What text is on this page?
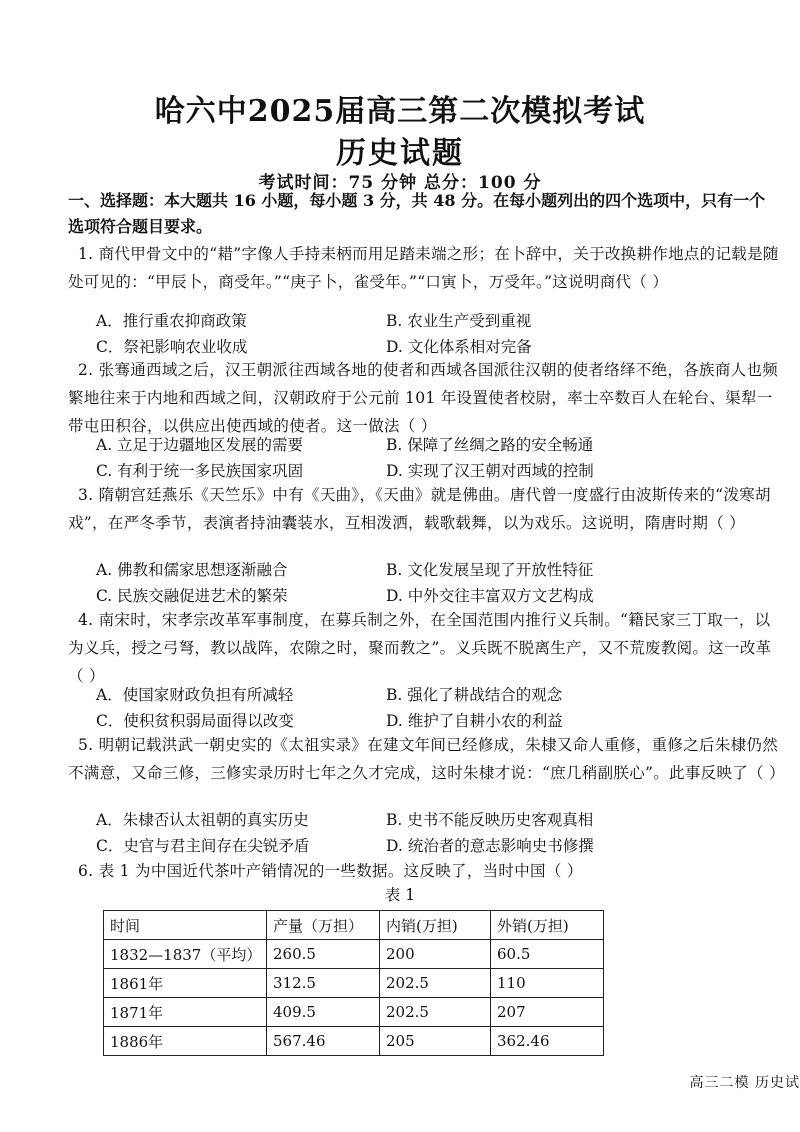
哈六中2025届高三第二次模拟考试
历史试题
考试时间：75 分钟 总分：100 分
一、选择题：本大题共 16 小题，每小题 3 分，共 48 分。在每小题列出的四个选项中，只有一个选项符合题目要求。
1. 商代甲骨文中的“耤”字像人手持耒柄而用足踏耒端之形；在卜辞中，关于改换耕作地点的记载是随处可见的：“甲辰卜，商受年。”“庚子卜，雀受年。”“口寅卜，万受年。”这说明商代（ ）
A．推行重农抑商政策	B. 农业生产受到重视
C．祭祀影响农业收成	D. 文化体系相对完备
2. 张骞通西域之后，汉王朝派往西域各地的使者和西域各国派往汉朝的使者络绎不绝，各族商人也频繁地往来于内地和西域之间，汉朝政府于公元前 101 年设置使者校尉，率士卒数百人在轮台、渠犁一带屯田积谷，以供应出使西域的使者。这一做法（ ）
A. 立足于边疆地区发展的需要	B. 保障了丝绸之路的安全畅通
C. 有利于统一多民族国家巩固	D. 实现了汉王朝对西域的控制
3. 隋朝宫廷燕乐《天竺乐》中有《天曲》，《天曲》就是佛曲。唐代曾一度盛行由波斯传来的“泼寒胡戏”，在严冬季节，表演者持油囊装水，互相泼洒，载歌载舞，以为戏乐。这说明，隋唐时期（ ）
A. 佛教和儒家思想逐渐融合	B. 文化发展呈现了开放性特征
C. 民族交融促进艺术的繁荣	D. 中外交往丰富双方文艺构成
4. 南宋时，宋孝宗改革军事制度，在募兵制之外，在全国范围内推行义兵制。“籍民家三丁取一，以为义兵，授之弓弩，教以战阵，农隙之时，聚而教之”。义兵既不脱离生产，又不荒废教阅。这一改革（ ）
A．使国家财政负担有所减轻	B. 强化了耕战结合的观念
C．使积贫积弱局面得以改变	D. 维护了自耕小农的利益
5. 明朝记载洪武一朝史实的《太祖实录》在建文年间已经修成，朱棣又命人重修，重修之后朱棣仍然不满意，又命三修，三修实录历时七年之久才完成，这时朱棣才说：“庶几稍副朕心”。此事反映了（ ）
A．朱棣否认太祖朝的真实历史	B. 史书不能反映历史客观真相
C．史官与君主间存在尖锐矛盾	D. 统治者的意志影响史书修撰
6. 表 1 为中国近代茶叶产销情况的一些数据。这反映了，当时中国（ ）
表 1
时间	产量（万担）	内销(万担)	外销(万担)
1832—1837（平均）	260.5	200	60.5
1861年	312.5	202.5	110
1871年	409.5	202.5	207
1886年	567.46	205	362.46
高三二模 历史试
